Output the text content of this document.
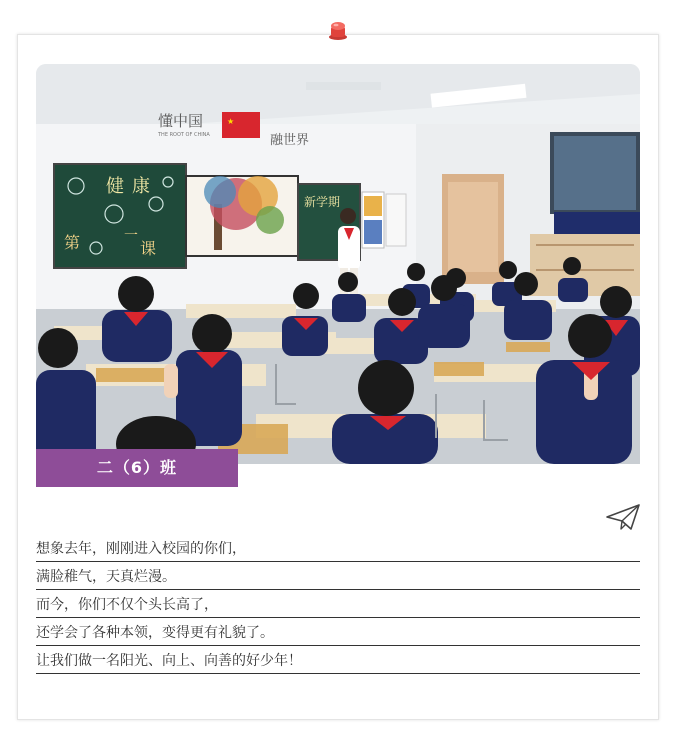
懂中国
THE ROOT OF CHINA
★
融世界
健 康
第	一
课
新学期
二（6）班
想象去年，刚刚进入校园的你们，
满脸稚气，天真烂漫。
而今，你们不仅个头长高了，
还学会了各种本领，变得更有礼貌了。
让我们做一名阳光、向上、向善的好少年！
